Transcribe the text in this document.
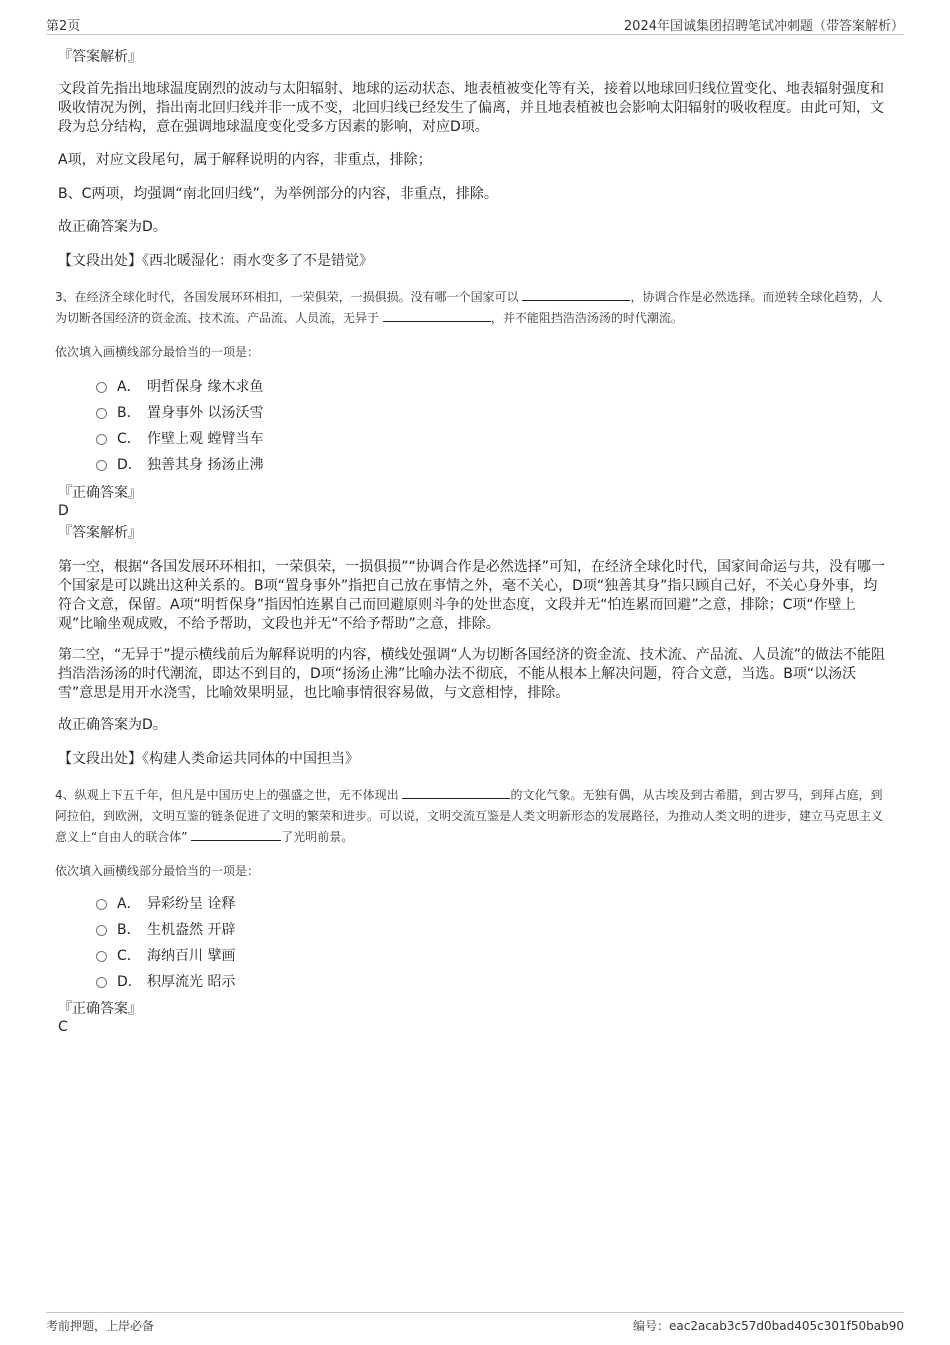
第2页	2024年国诚集团招聘笔试冲刺题（带答案解析）
『答案解析』
文段首先指出地球温度剧烈的波动与太阳辐射、地球的运动状态、地表植被变化等有关，接着以地球回归线位置变化、地表辐射强度和吸收情况为例，指出南北回归线并非一成不变，北回归线已经发生了偏离，并且地表植被也会影响太阳辐射的吸收程度。由此可知，文段为总分结构，意在强调地球温度变化受多方因素的影响，对应D项。
A项，对应文段尾句，属于解释说明的内容，非重点，排除；
B、C两项，均强调“南北回归线”，为举例部分的内容，非重点，排除。
故正确答案为D。
【文段出处】《西北暖湿化：雨水变多了不是错觉》
3、在经济全球化时代，各国发展环环相扣，一荣俱荣，一损俱损。没有哪一个国家可以	，协调合作是必然选择。而逆转全球化趋势，人为切断各国经济的资金流、技术流、产品流、人员流，无异于	，并不能阻挡浩浩汤汤的时代潮流。
依次填入画横线部分最恰当的一项是：
A． 明哲保身 缘木求鱼
B． 置身事外 以汤沃雪
C． 作壁上观 螳臂当车
D． 独善其身 扬汤止沸
『正确答案』
D
『答案解析』
第一空，根据“各国发展环环相扣，一荣俱荣，一损俱损”“协调合作是必然选择”可知，在经济全球化时代，国家间命运与共，没有哪一个国家是可以跳出这种关系的。B项“置身事外”指把自己放在事情之外，毫不关心，D项“独善其身”指只顾自己好，不关心身外事，均符合文意，保留。A项“明哲保身”指因怕连累自己而回避原则斗争的处世态度，文段并无“怕连累而回避”之意，排除；C项“作壁上观”比喻坐观成败，不给予帮助，文段也并无“不给予帮助”之意，排除。
第二空，“无异于”提示横线前后为解释说明的内容，横线处强调“人为切断各国经济的资金流、技术流、产品流、人员流”的做法不能阻挡浩浩汤汤的时代潮流，即达不到目的，D项“扬汤止沸”比喻办法不彻底，不能从根本上解决问题，符合文意，当选。B项“以汤沃雪”意思是用开水浇雪，比喻效果明显，也比喻事情很容易做，与文意相悖，排除。
故正确答案为D。
【文段出处】《构建人类命运共同体的中国担当》
4、纵观上下五千年，但凡是中国历史上的强盛之世，无不体现出	的文化气象。无独有偶，从古埃及到古希腊，到古罗马，到拜占庭，到阿拉伯，到欧洲，文明互鉴的链条促进了文明的繁荣和进步。可以说，文明交流互鉴是人类文明新形态的发展路径，为推动人类文明的进步，建立马克思主义意义上“自由人的联合体”	了光明前景。
依次填入画横线部分最恰当的一项是：
A． 异彩纷呈 诠释
B． 生机盎然 开辟
C． 海纳百川 擘画
D． 积厚流光 昭示
『正确答案』
C
考前押题，上岸必备	编号：eac2acab3c57d0bad405c301f50bab90
